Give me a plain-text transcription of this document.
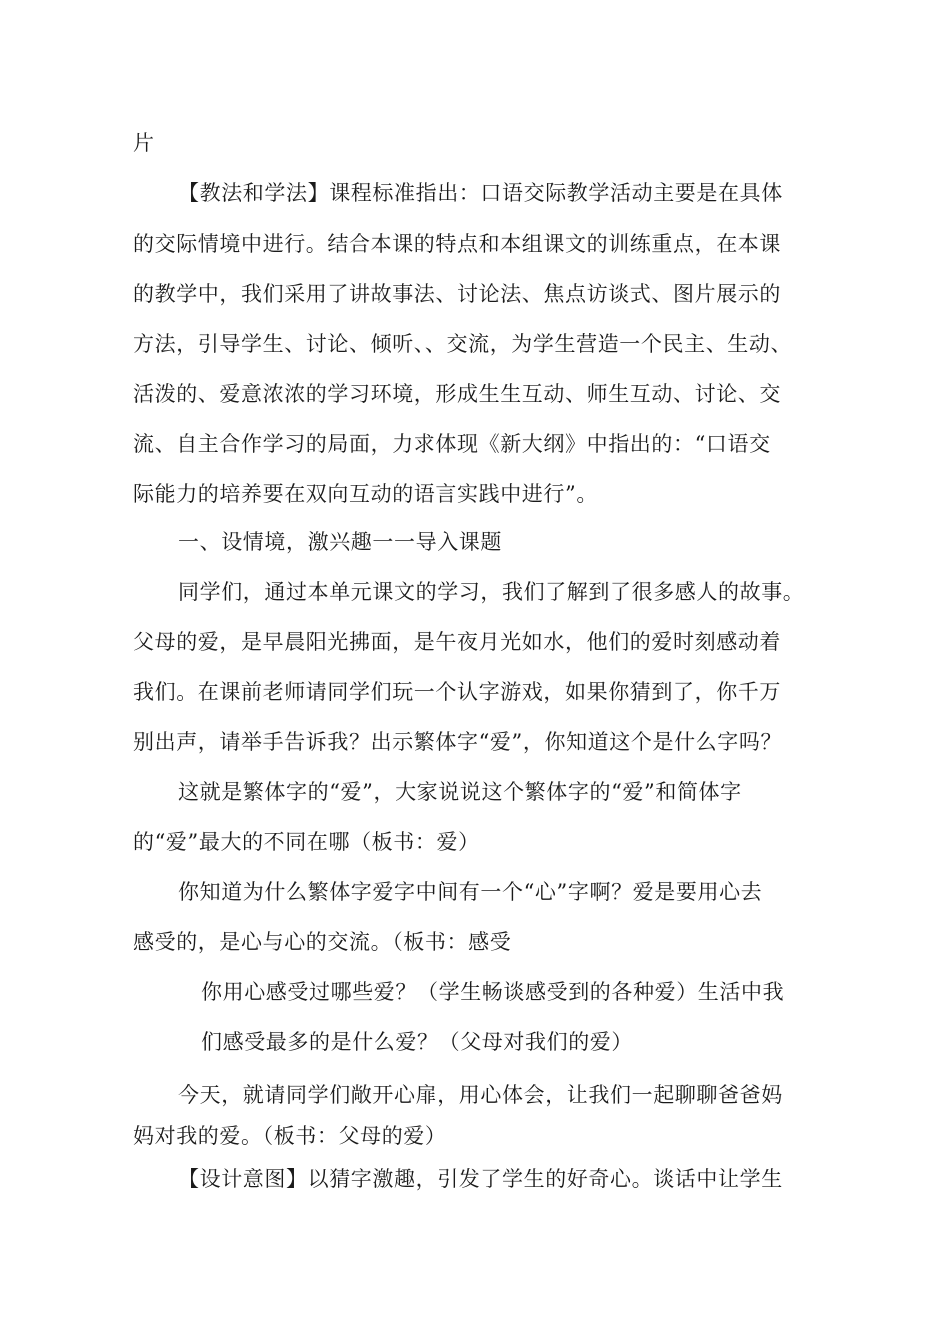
片
【教法和学法】课程标准指出：口语交际教学活动主要是在具体
的交际情境中进行。结合本课的特点和本组课文的训练重点，在本课
的教学中，我们采用了讲故事法、讨论法、焦点访谈式、图片展示的
方法，引导学生、讨论、倾听、、交流，为学生营造一个民主、生动、
活泼的、爱意浓浓的学习环境，形成生生互动、师生互动、讨论、交
流、自主合作学习的局面，力求体现《新大纲》中指出的：“口语交
际能力的培养要在双向互动的语言实践中进行”。
一、设情境，激兴趣一一导入课题
同学们，通过本单元课文的学习，我们了解到了很多感人的故事。
父母的爱，是早晨阳光拂面，是午夜月光如水，他们的爱时刻感动着
我们。在课前老师请同学们玩一个认字游戏，如果你猜到了，你千万
别出声，请举手告诉我？出示繁体字“爱”，你知道这个是什么字吗？
这就是繁体字的“爱”，大家说说这个繁体字的“爱”和简体字
的“爱”最大的不同在哪（板书：爱）
你知道为什么繁体字爱字中间有一个“心”字啊？爱是要用心去
感受的，是心与心的交流。（板书：感受
你用心感受过哪些爱？（学生畅谈感受到的各种爱）生活中我
们感受最多的是什么爱？（父母对我们的爱）
今天，就请同学们敞开心扉，用心体会，让我们一起聊聊爸爸妈
妈对我的爱。（板书：父母的爱）
【设计意图】以猜字激趣，引发了学生的好奇心。谈话中让学生
